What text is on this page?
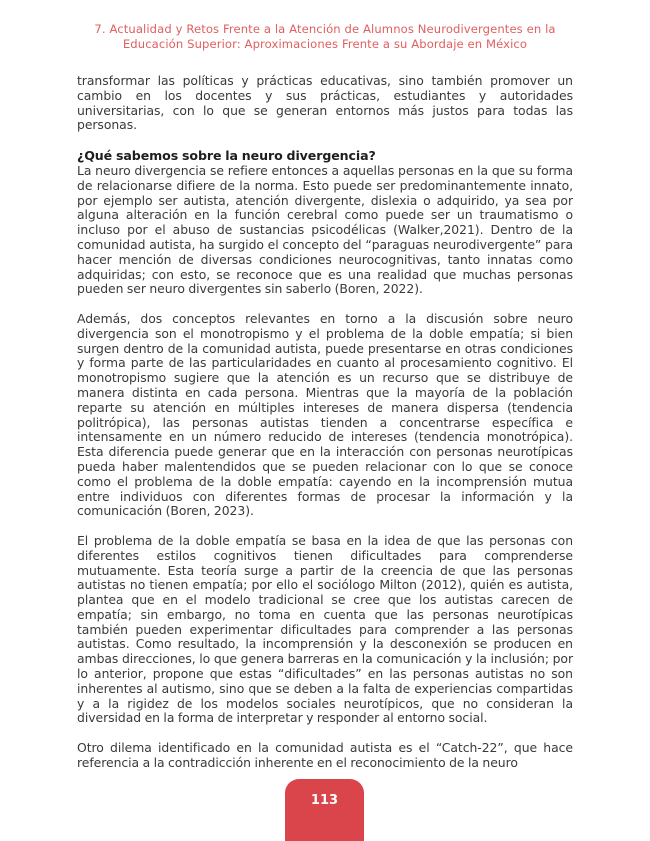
7. Actualidad y Retos Frente a la Atención de Alumnos Neurodivergentes en la
Educación Superior: Aproximaciones Frente a su Abordaje en México

transformar las políticas y prácticas educativas, sino también promover un cambio en los docentes y sus prácticas, estudiantes y autoridades universitarias, con lo que se generan entornos más justos para todas las personas.

¿Qué sabemos sobre la neuro divergencia?

La neuro divergencia se refiere entonces a aquellas personas en la que su forma de relacionarse difiere de la norma. Esto puede ser predominantemente innato, por ejemplo ser autista, atención divergente, dislexia o adquirido, ya sea por alguna alteración en la función cerebral como puede ser un traumatismo o incluso por el abuso de sustancias psicodélicas (Walker,2021). Dentro de la comunidad autista, ha surgido el concepto del “paraguas neurodivergente” para hacer mención de diversas condiciones neurocognitivas, tanto innatas como adquiridas; con esto, se reconoce que es una realidad que muchas personas pueden ser neuro divergentes sin saberlo (Boren, 2022).

Además, dos conceptos relevantes en torno a la discusión sobre neuro divergencia son el monotropismo y el problema de la doble empatía; si bien surgen dentro de la comunidad autista, puede presentarse en otras condiciones y forma parte de las particularidades en cuanto al procesamiento cognitivo. El monotropismo sugiere que la atención es un recurso que se distribuye de manera distinta en cada persona. Mientras que la mayoría de la población reparte su atención en múltiples intereses de manera dispersa (tendencia politrópica), las personas autistas tienden a concentrarse específica e intensamente en un número reducido de intereses (tendencia monotrópica). Esta diferencia puede generar que en la interacción con personas neurotípicas pueda haber malentendidos que se pueden relacionar con lo que se conoce como el problema de la doble empatía: cayendo en la incomprensión mutua entre individuos con diferentes formas de procesar la información y la comunicación (Boren, 2023).

El problema de la doble empatía se basa en la idea de que las personas con diferentes estilos cognitivos tienen dificultades para comprenderse mutuamente. Esta teoría surge a partir de la creencia de que las personas autistas no tienen empatía; por ello el sociólogo Milton (2012), quién es autista, plantea que en el modelo tradicional se cree que los autistas carecen de empatía; sin embargo, no toma en cuenta que las personas neurotípicas también pueden experimentar dificultades para comprender a las personas autistas. Como resultado, la incomprensión y la desconexión se producen en ambas direcciones, lo que genera barreras en la comunicación y la inclusión; por lo anterior, propone que estas “dificultades” en las personas autistas no son inherentes al autismo, sino que se deben a la falta de experiencias compartidas y a la rigidez de los modelos sociales neurotípicos, que no consideran la diversidad en la forma de interpretar y responder al entorno social.

Otro dilema identificado en la comunidad autista es el “Catch-22”, que hace referencia a la contradicción inherente en el reconocimiento de la neuro

113
